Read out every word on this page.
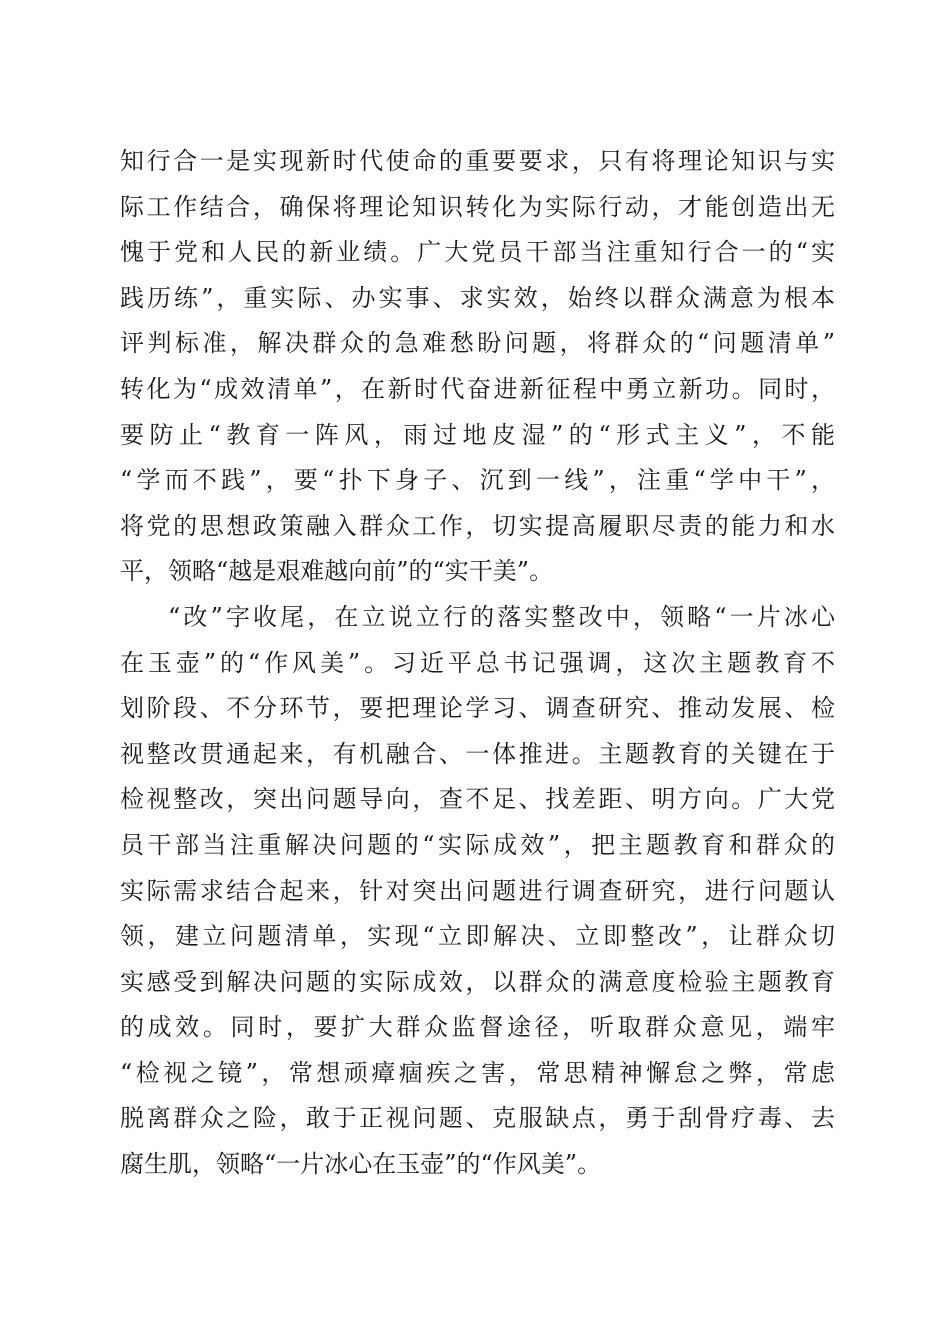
知行合一是实现新时代使命的重要要求，只有将理论知识与实
际工作结合，确保将理论知识转化为实际行动，才能创造出无
愧于党和人民的新业绩。广大党员干部当注重知行合一的“实
践历练”，重实际、办实事、求实效，始终以群众满意为根本
评判标准，解决群众的急难愁盼问题，将群众的“问题清单”
转化为“成效清单”，在新时代奋进新征程中勇立新功。同时，
要防止“教育一阵风，雨过地皮湿”的“形式主义”，不能
“学而不践”，要“扑下身子、沉到一线”，注重“学中干”，
将党的思想政策融入群众工作，切实提高履职尽责的能力和水
平，领略“越是艰难越向前”的“实干美”。
“改”字收尾，在立说立行的落实整改中，领略“一片冰心
在玉壶”的“作风美”。习近平总书记强调，这次主题教育不
划阶段、不分环节，要把理论学习、调查研究、推动发展、检
视整改贯通起来，有机融合、一体推进。主题教育的关键在于
检视整改，突出问题导向，查不足、找差距、明方向。广大党
员干部当注重解决问题的“实际成效”，把主题教育和群众的
实际需求结合起来，针对突出问题进行调查研究，进行问题认
领，建立问题清单，实现“立即解决、立即整改”，让群众切
实感受到解决问题的实际成效，以群众的满意度检验主题教育
的成效。同时，要扩大群众监督途径，听取群众意见，端牢
“检视之镜”，常想顽瘴痼疾之害，常思精神懈怠之弊，常虑
脱离群众之险，敢于正视问题、克服缺点，勇于刮骨疗毒、去
腐生肌，领略“一片冰心在玉壶”的“作风美”。
